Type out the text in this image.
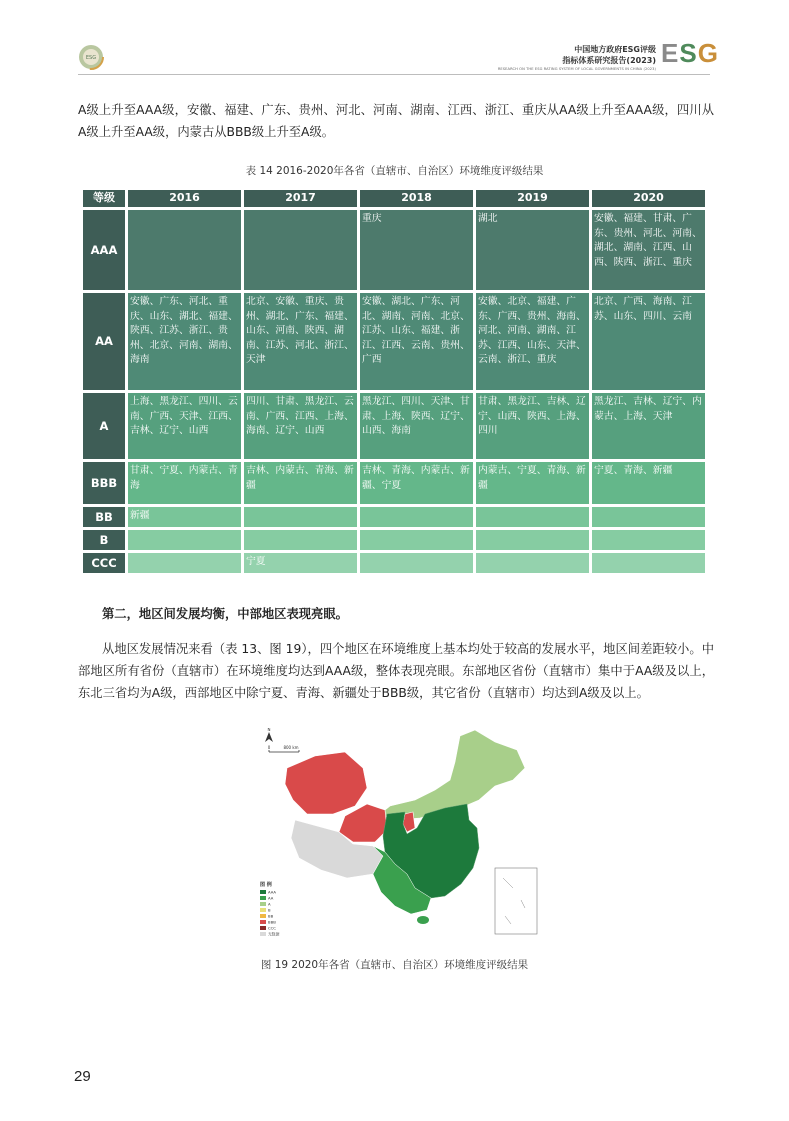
ESG
中国地方政府ESG评级
指标体系研究报告(2023)
RESEARCH ON THE ESG RATING SYSTEM OF LOCAL GOVERNMENTS IN CHINA (2023)
ESG
A级上升至AAA级，安徽、福建、广东、贵州、河北、河南、湖南、江西、浙江、重庆从AA级上升至AAA级，四川从A级上升至AA级，内蒙古从BBB级上升至A级。
表 14 2016-2020年各省（直辖市、自治区）环境维度评级结果
等级	2016	2017	2018	2019	2020
AAA			重庆	湖北	安徽、福建、甘肃、广东、贵州、河北、河南、湖北、湖南、江西、山西、陕西、浙江、重庆
AA	安徽、广东、河北、重庆、山东、湖北、福建、陕西、江苏、浙江、贵州、北京、河南、湖南、海南	北京、安徽、重庆、贵州、湖北、广东、福建、山东、河南、陕西、湖南、江苏、河北、浙江、天津	安徽、湖北、广东、河北、湖南、河南、北京、江苏、山东、福建、浙江、江西、云南、贵州、广西	安徽、北京、福建、广东、广西、贵州、海南、河北、河南、湖南、江苏、江西、山东、天津、云南、浙江、重庆	北京、广西、海南、江苏、山东、四川、云南
A	上海、黑龙江、四川、云南、广西、天津、江西、吉林、辽宁、山西	四川、甘肃、黑龙江、云南、广西、江西、上海、海南、辽宁、山西	黑龙江、四川、天津、甘肃、上海、陕西、辽宁、山西、海南	甘肃、黑龙江、吉林、辽宁、山西、陕西、上海、四川	黑龙江、吉林、辽宁、内蒙古、上海、天津
BBB	甘肃、宁夏、内蒙古、青海	吉林、内蒙古、青海、新疆	吉林、青海、内蒙古、新疆、宁夏	内蒙古、宁夏、青海、新疆	宁夏、青海、新疆
BB	新疆				
B					
CCC		宁夏			
第二，地区间发展均衡，中部地区表现亮眼。
从地区发展情况来看（表 13、图 19），四个地区在环境维度上基本均处于较高的发展水平，地区间差距较小。中部地区所有省份（直辖市）在环境维度均达到AAA级，整体表现亮眼。东部地区省份（直辖市）集中于AA级及以上，东北三省均为A级，西部地区中除宁夏、青海、新疆处于BBB级，其它省份（直辖市）均达到A级及以上。
N
0	800 km
图 例
AAA
AA
A
B
BB
BBB
CCC
无数据
图 19 2020年各省（直辖市、自治区）环境维度评级结果
29
